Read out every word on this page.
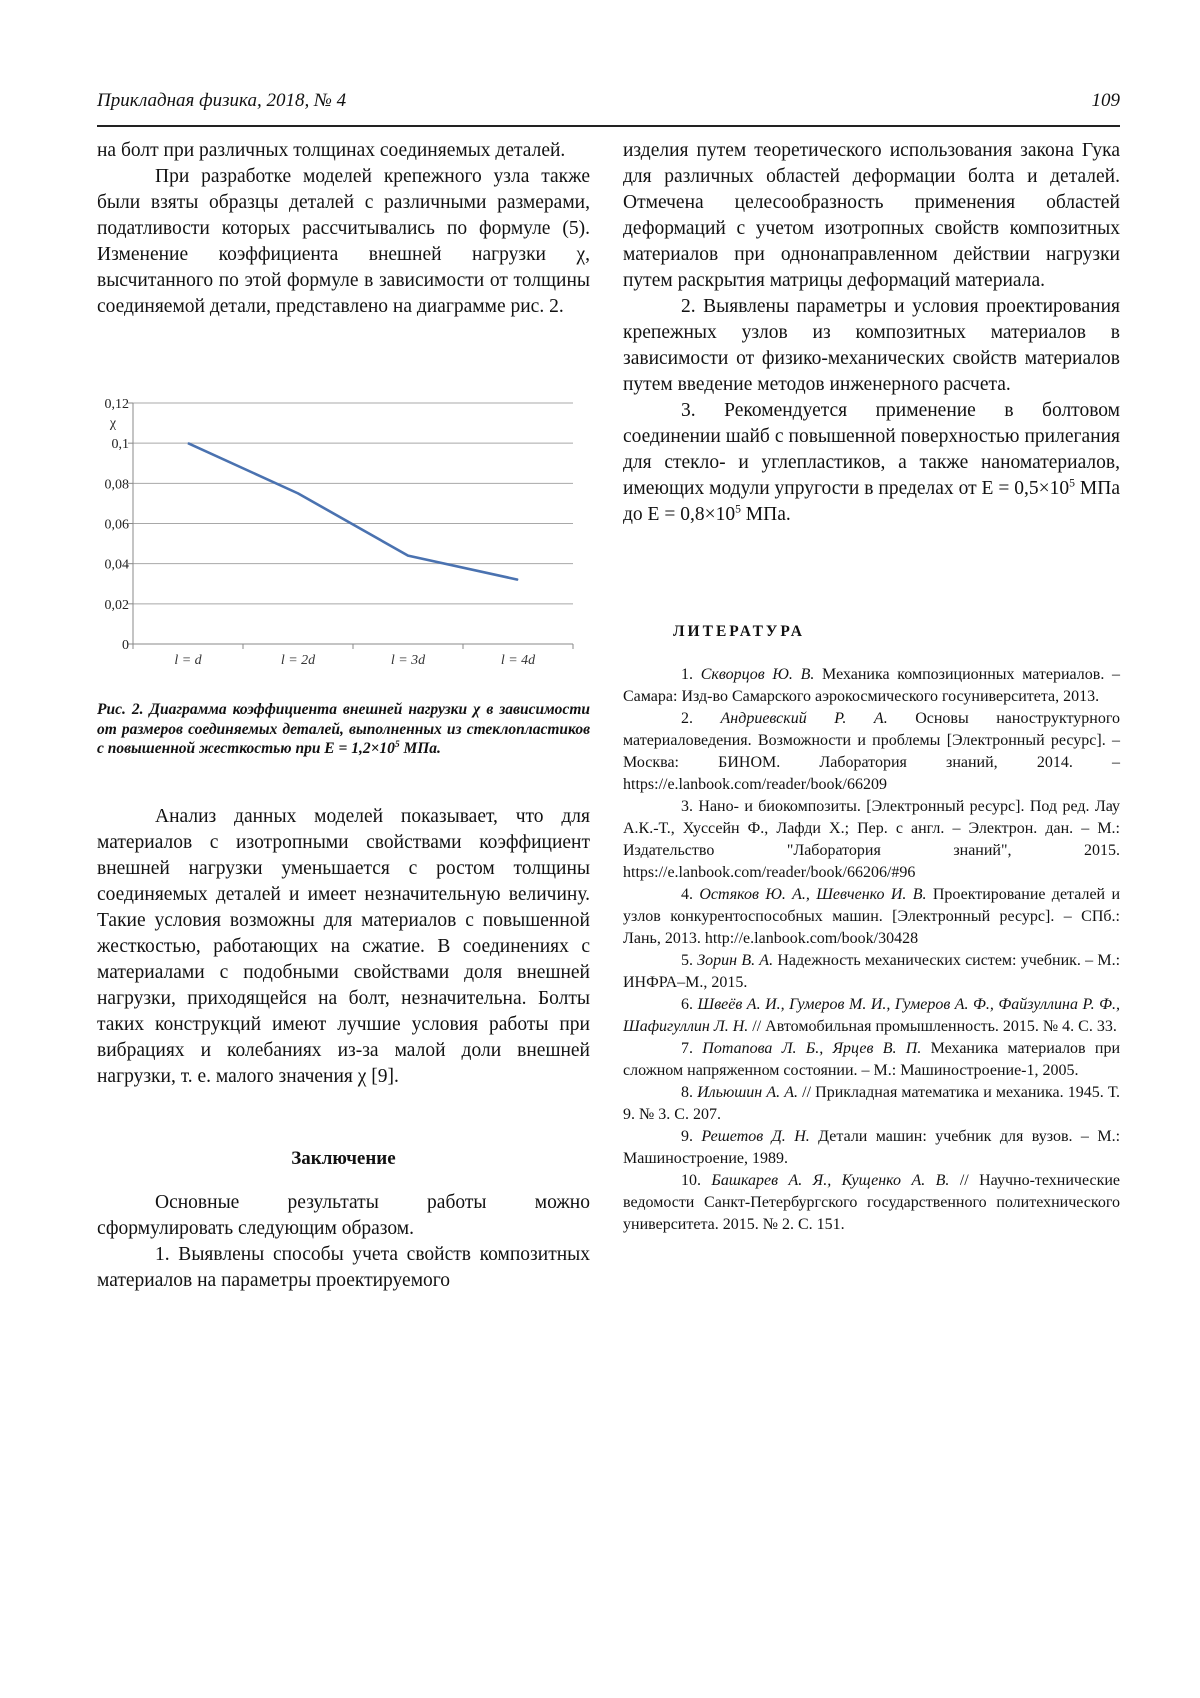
Прикладная физика, 2018, № 4	109

на болт при различных толщинах соединяемых деталей.

При разработке моделей крепежного узла также были взяты образцы деталей с различными размерами, податливости которых рассчитывались по формуле (5). Изменение коэффициента внешней нагрузки χ, высчитанного по этой формуле в зависимости от толщины соединяемой детали, представлено на диаграмме рис. 2.

0
0,02
0,04
0,06
0,08
0,1
0,12
χ
l = d	l = 2d	l = 3d	l = 4d
Рис. 2. Диаграмма коэффициента внешней нагрузки χ в зависимости от размеров соединяемых деталей, выполненных из стеклопластиков с повышенной жесткостью при E = 1,2×105 МПа.

Анализ данных моделей показывает, что для материалов с изотропными свойствами коэффициент внешней нагрузки уменьшается с ростом толщины соединяемых деталей и имеет незначительную величину. Такие условия возможны для материалов с повышенной жесткостью, работающих на сжатие. В соединениях с материалами с подобными свойствами доля внешней нагрузки, приходящейся на болт, незначительна. Болты таких конструкций имеют лучшие условия работы при вибрациях и колебаниях из-за малой доли внешней нагрузки, т. е. малого значения χ [9].

Заключение

Основные результаты работы можно сформулировать следующим образом.

1. Выявлены способы учета свойств композитных материалов на параметры проектируемого

изделия путем теоретического использования закона Гука для различных областей деформации болта и деталей. Отмечена целесообразность применения областей деформаций с учетом изотропных свойств композитных материалов при одно­направленном действии нагрузки путем раскрытия матрицы деформаций материала.

2. Выявлены параметры и условия проектирования крепежных узлов из композитных материалов в зависимости от физико-механических свойств материалов путем введение методов инженерного расчета.

3. Рекомендуется применение в болтовом соединении шайб с повышенной поверхностью прилегания для стекло- и углепластиков, а также наноматериалов, имеющих модули упругости в пределах от E = 0,5×105 МПа до E = 0,8×105 МПа.

ЛИТЕРАТУРА

1. Скворцов Ю. В. Механика композиционных материалов. – Самара: Изд-во Самарского аэрокосмического госуниверситета, 2013.

2. Андриевский Р. А. Основы наноструктурного материаловедения. Возможности и проблемы [Электронный ресурс]. – Москва: БИНОМ. Лаборатория знаний, 2014. – https://e.lanbook.com/reader/book/66209

3. Нано- и биокомпозиты. [Электронный ресурс]. Под ред. Лау А.К.-Т., Хуссейн Ф., Лафди Х.; Пер. с англ. – Электрон. дан. – М.: Издательство "Лаборатория знаний", 2015. https://e.lanbook.com/reader/book/66206/#96

4. Остяков Ю. А., Шевченко И. В. Проектирование деталей и узлов конкурентоспособных машин. [Электронный ресурс]. – СПб.: Лань, 2013. http://e.lanbook.com/book/30428

5. Зорин В. А. Надежность механических систем: учебник. – М.: ИНФРА–М., 2015.

6. Швеёв А. И., Гумеров М. И., Гумеров А. Ф., Файзуллина Р. Ф., Шафигуллин Л. Н. // Автомобильная промышленность. 2015. № 4. С. 33.

7. Потапова Л. Б., Ярцев В. П. Механика материалов при сложном напряженном состоянии. – М.: Машиностроение-1, 2005.

8. Ильюшин А. А. // Прикладная математика и механика. 1945. Т. 9. № 3. С. 207.

9. Решетов Д. Н. Детали машин: учебник для вузов. – М.: Машиностроение, 1989.

10. Башкарев А. Я., Кущенко А. В. // Научно-технические ведомости Санкт-Петербургского государственного политехнического университета. 2015. № 2. С. 151.
